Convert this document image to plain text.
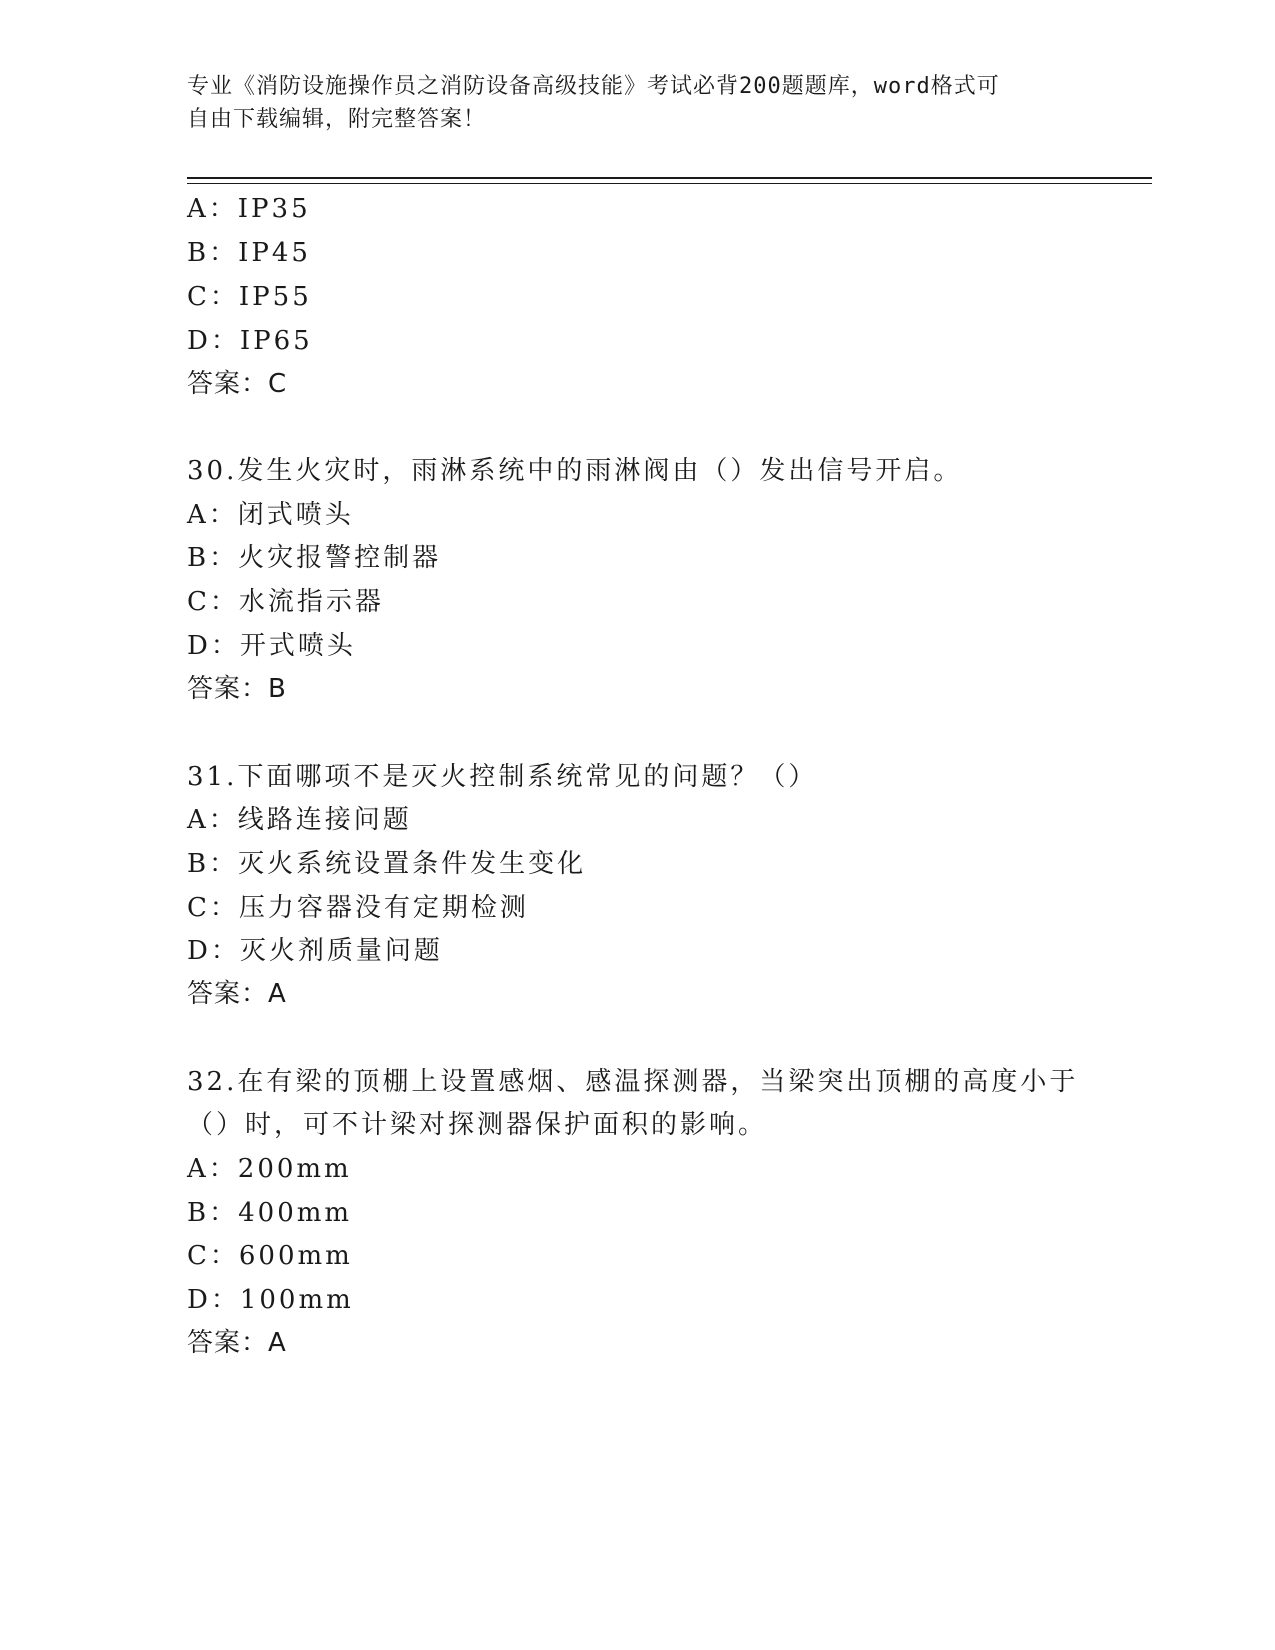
专业《消防设施操作员之消防设备高级技能》考试必背200题题库，word格式可
自由下载编辑，附完整答案！
A：IP35
B：IP45
C：IP55
D：IP65
答案：C
30.发生火灾时，雨淋系统中的雨淋阀由（）发出信号开启。
A：闭式喷头
B：火灾报警控制器
C：水流指示器
D：开式喷头
答案：B
31.下面哪项不是灭火控制系统常见的问题？（）
A：线路连接问题
B：灭火系统设置条件发生变化
C：压力容器没有定期检测
D：灭火剂质量问题
答案：A
32.在有梁的顶棚上设置感烟、感温探测器，当梁突出顶棚的高度小于
（）时，可不计梁对探测器保护面积的影响。
A：200mm
B：400mm
C：600mm
D：100mm
答案：A
